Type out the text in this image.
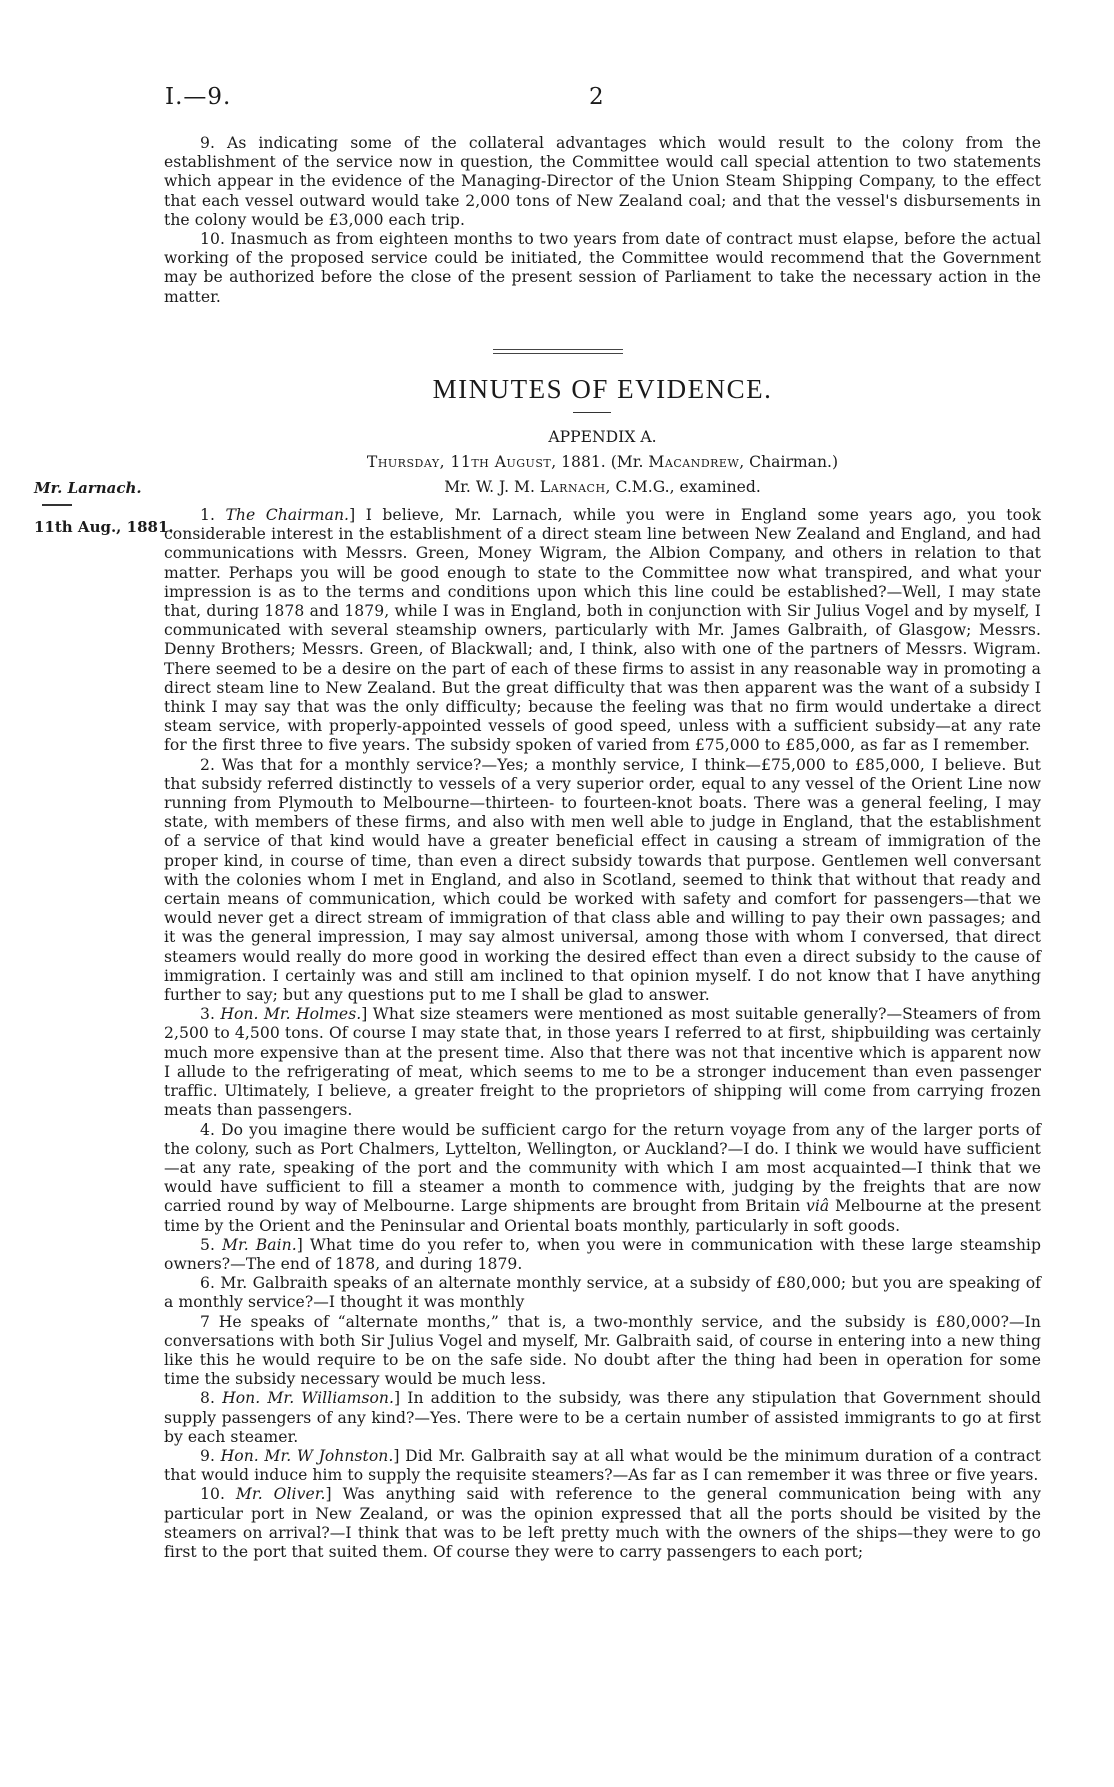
I.—9.	2

9. As indicating some of the collateral advantages which would result to the colony from the establishment of the service now in question, the Committee would call special attention to two statements which appear in the evidence of the Managing-Director of the Union Steam Shipping Company, to the effect that each vessel outward would take 2,000 tons of New Zealand coal; and that the vessel's disbursements in the colony would be £3,000 each trip.

10. Inasmuch as from eighteen months to two years from date of contract must elapse, before the actual working of the proposed service could be initiated, the Committee would recommend that the Government may be authorized before the close of the present session of Parliament to take the necessary action in the matter.

MINUTES OF EVIDENCE.
APPENDIX A.
Thursday, 11th August, 1881. (Mr. Macandrew, Chairman.)
Mr. W. J. M. Larnach, C.M.G., examined.
Mr. Larnach.
11th Aug., 1881.

1. The Chairman.] I believe, Mr. Larnach, while you were in England some years ago, you took considerable interest in the establishment of a direct steam line between New Zealand and England, and had communications with Messrs. Green, Money Wigram, the Albion Company, and others in relation to that matter. Perhaps you will be good enough to state to the Committee now what transpired, and what your impression is as to the terms and conditions upon which this line could be established?—Well, I may state that, during 1878 and 1879, while I was in England, both in conjunction with Sir Julius Vogel and by myself, I communicated with several steamship owners, particularly with Mr. James Galbraith, of Glasgow; Messrs. Denny Brothers; Messrs. Green, of Blackwall; and, I think, also with one of the partners of Messrs. Wigram. There seemed to be a desire on the part of each of these firms to assist in any reasonable way in promoting a direct steam line to New Zealand. But the great difficulty that was then apparent was the want of a subsidy I think I may say that was the only difficulty; because the feeling was that no firm would undertake a direct steam service, with properly-appointed vessels of good speed, unless with a sufficient subsidy—at any rate for the first three to five years. The subsidy spoken of varied from £75,000 to £85,000, as far as I remember.

2. Was that for a monthly service?—Yes; a monthly service, I think—£75,000 to £85,000, I believe. But that subsidy referred distinctly to vessels of a very superior order, equal to any vessel of the Orient Line now running from Plymouth to Melbourne—thirteen- to fourteen-knot boats. There was a general feeling, I may state, with members of these firms, and also with men well able to judge in England, that the establishment of a service of that kind would have a greater beneficial effect in causing a stream of immigration of the proper kind, in course of time, than even a direct subsidy towards that purpose. Gentlemen well conversant with the colonies whom I met in England, and also in Scotland, seemed to think that without that ready and certain means of communication, which could be worked with safety and comfort for passengers—that we would never get a direct stream of immigration of that class able and willing to pay their own passages; and it was the general impression, I may say almost universal, among those with whom I conversed, that direct steamers would really do more good in working the desired effect than even a direct subsidy to the cause of immigration. I certainly was and still am inclined to that opinion myself. I do not know that I have anything further to say; but any questions put to me I shall be glad to answer.

3. Hon. Mr. Holmes.] What size steamers were mentioned as most suitable generally?—Steamers of from 2,500 to 4,500 tons. Of course I may state that, in those years I referred to at first, shipbuilding was certainly much more expensive than at the present time. Also that there was not that incentive which is apparent now I allude to the refrigerating of meat, which seems to me to be a stronger inducement than even passenger traffic. Ultimately, I believe, a greater freight to the proprietors of shipping will come from carrying frozen meats than passengers.

4. Do you imagine there would be sufficient cargo for the return voyage from any of the larger ports of the colony, such as Port Chalmers, Lyttelton, Wellington, or Auckland?—I do. I think we would have sufficient—at any rate, speaking of the port and the community with which I am most acquainted—I think that we would have sufficient to fill a steamer a month to commence with, judging by the freights that are now carried round by way of Melbourne. Large shipments are brought from Britain viâ Melbourne at the present time by the Orient and the Peninsular and Oriental boats monthly, particularly in soft goods.

5. Mr. Bain.] What time do you refer to, when you were in communication with these large steamship owners?—The end of 1878, and during 1879.

6. Mr. Galbraith speaks of an alternate monthly service, at a subsidy of £80,000; but you are speaking of a monthly service?—I thought it was monthly

7 He speaks of “alternate months,” that is, a two-monthly service, and the subsidy is £80,000?—In conversations with both Sir Julius Vogel and myself, Mr. Galbraith said, of course in entering into a new thing like this he would require to be on the safe side. No doubt after the thing had been in operation for some time the subsidy necessary would be much less.

8. Hon. Mr. Williamson.] In addition to the subsidy, was there any stipulation that Government should supply passengers of any kind?—Yes. There were to be a certain number of assisted immigrants to go at first by each steamer.

9. Hon. Mr. W Johnston.] Did Mr. Galbraith say at all what would be the minimum duration of a contract that would induce him to supply the requisite steamers?—As far as I can remember it was three or five years.

10. Mr. Oliver.] Was anything said with reference to the general communication being with any particular port in New Zealand, or was the opinion expressed that all the ports should be visited by the steamers on arrival?—I think that was to be left pretty much with the owners of the ships—they were to go first to the port that suited them. Of course they were to carry passengers to each port;
